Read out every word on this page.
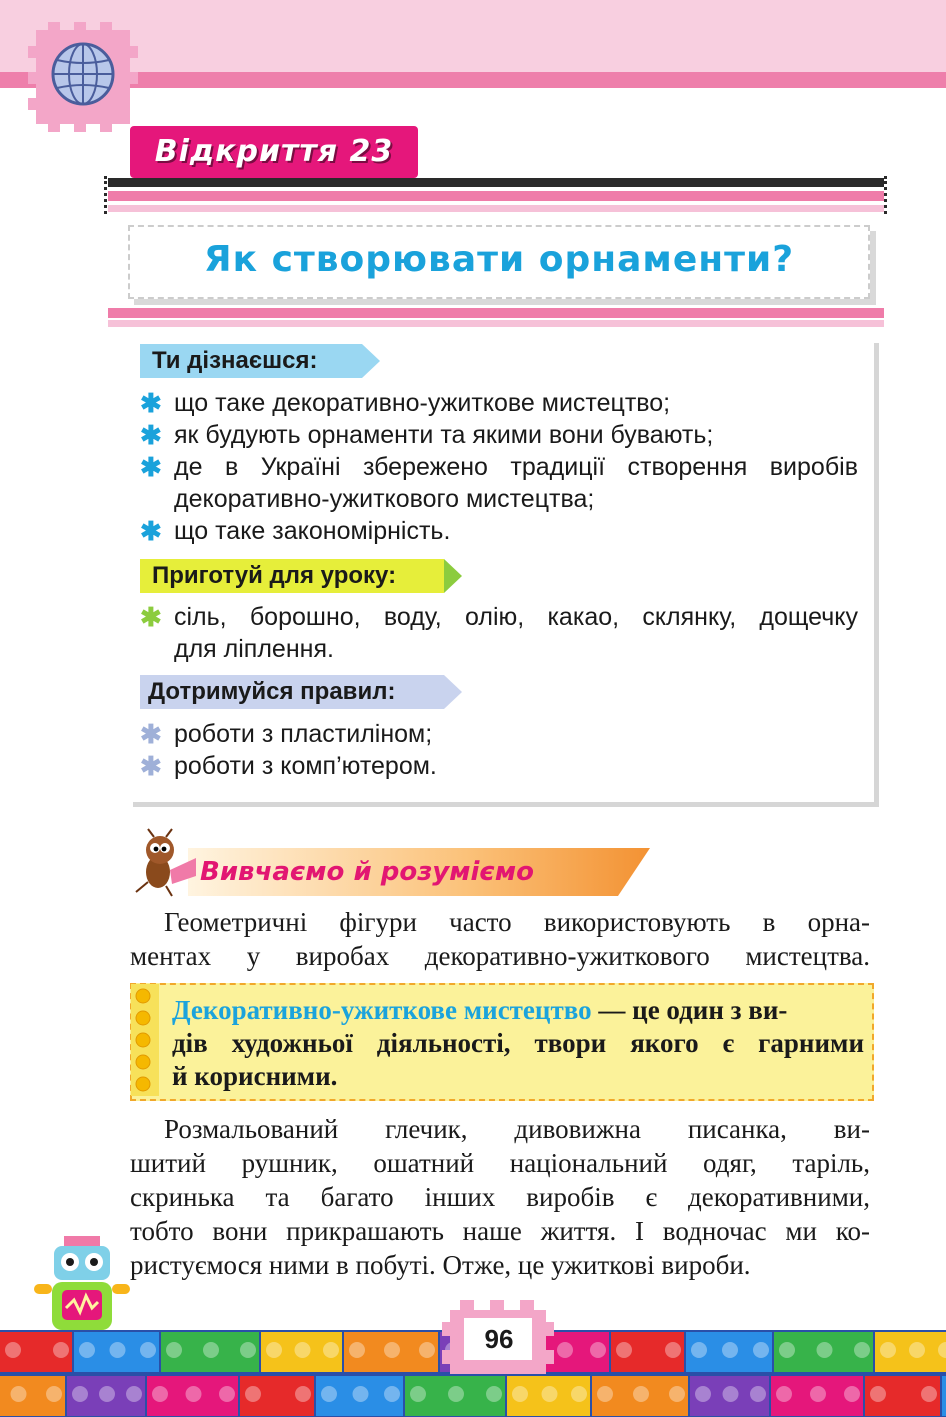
Відкриття 23
Як створювати орнаменти?
Ти дізнаєшся:
✱ що таке декоративно-ужиткове мистецтво;
✱ як будують орнаменти та якими вони бувають;
✱ де в Україні збережено традиції створення виробів
декоративно-ужиткового мистецтва;
✱ що таке закономірність.
Приготуй для уроку:
✱ сіль, борошно, воду, олію, какао, склянку, дощечку
для ліплення.
Дотримуйся правил:
✱ роботи з пластиліном;
✱ роботи з комп’ютером.
Вивчаємо й розуміємо
Геометричні фігури часто використовують в орна-
ментах у виробах декоративно-ужиткового мистецтва.
Декоративно-ужиткове мистецтво — це один з ви-
дів художньої діяльності, твори якого є гарними
й корисними.
Розмальований глечик, дивовижна писанка, ви-
шитий рушник, ошатний національний одяг, таріль,
скринька та багато інших виробів є декоративними,
тобто вони прикрашають наше життя. І водночас ми ко-
ристуємося ними в побуті. Отже, це ужиткові вироби.
96
